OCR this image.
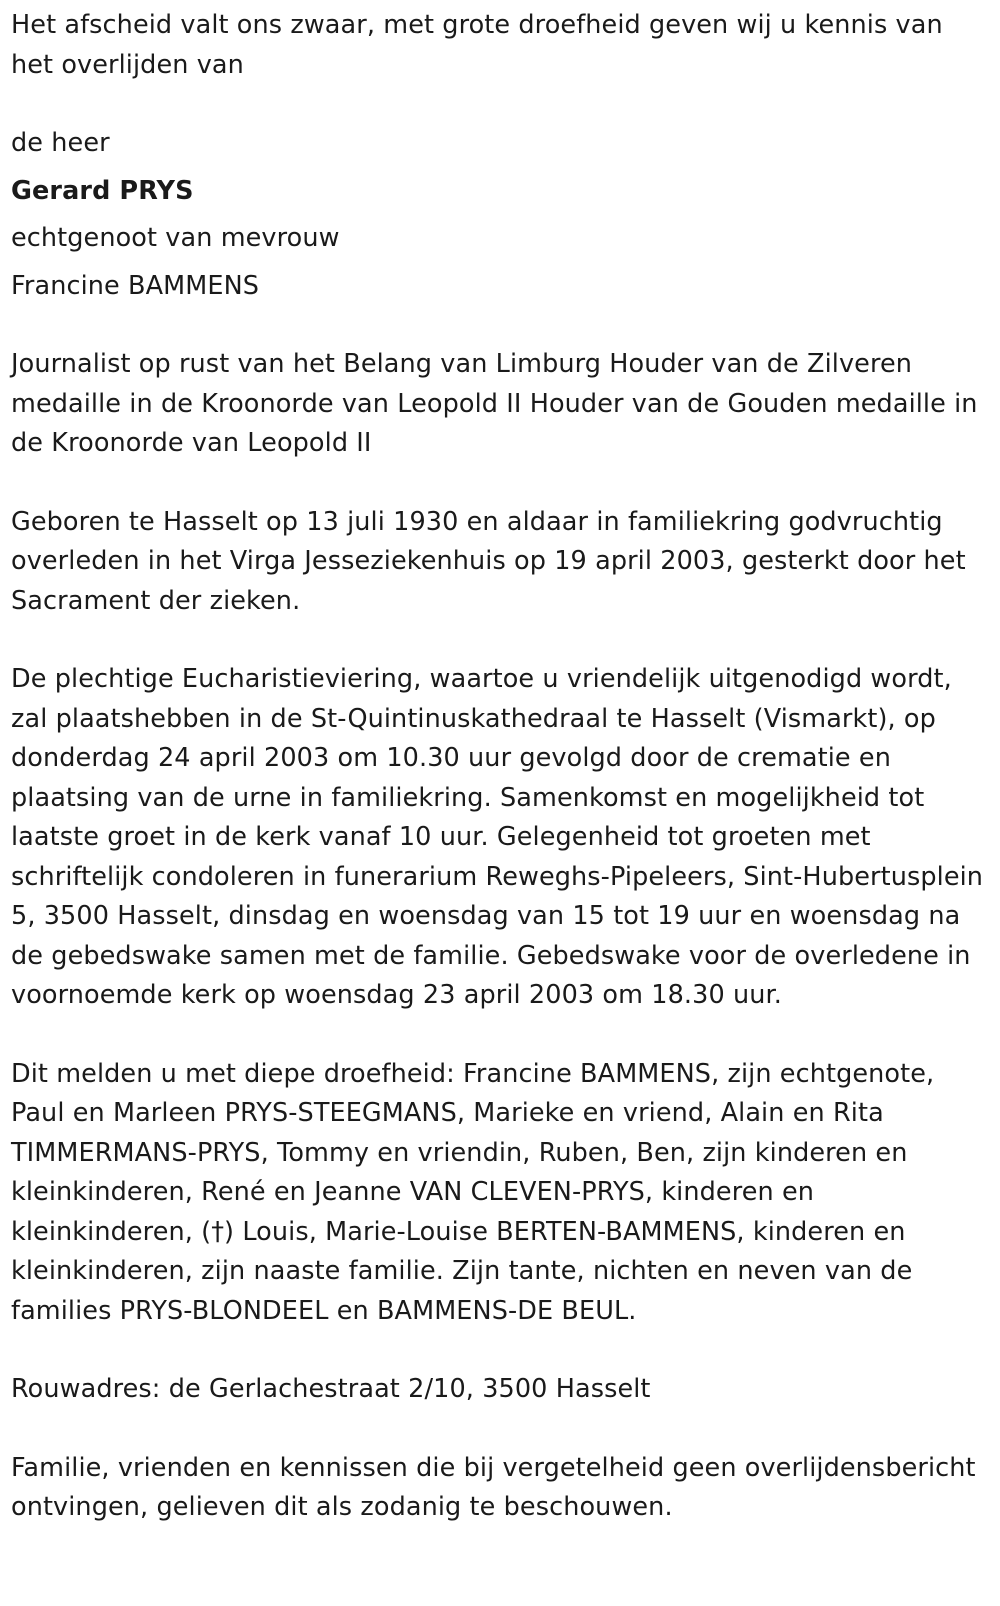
Het afscheid valt ons zwaar, met grote droefheid geven wij u kennis van het overlijden van

de heer

Gerard PRYS

echtgenoot van mevrouw

Francine BAMMENS

Journalist op rust van het Belang van Limburg Houder van de Zilveren medaille in de Kroonorde van Leopold II Houder van de Gouden medaille in de Kroonorde van Leopold II

Geboren te Hasselt op 13 juli 1930 en aldaar in familiekring godvruchtig overleden in het Virga Jesseziekenhuis op 19 april 2003, gesterkt door het Sacrament der zieken.

De plechtige Eucharistieviering, waartoe u vriendelijk uitgenodigd wordt, zal plaatshebben in de St-Quintinuskathedraal te Hasselt (Vismarkt), op donderdag 24 april 2003 om 10.30 uur gevolgd door de crematie en plaatsing van de urne in familiekring. Samenkomst en mogelijkheid tot laatste groet in de kerk vanaf 10 uur. Gelegenheid tot groeten met schriftelijk condoleren in funerarium Reweghs-Pipeleers, Sint-Hubertusplein 5, 3500 Hasselt, dinsdag en woensdag van 15 tot 19 uur en woensdag na de gebedswake samen met de familie. Gebedswake voor de overledene in voornoemde kerk op woensdag 23 april 2003 om 18.30 uur.

Dit melden u met diepe droefheid: Francine BAMMENS, zijn echtgenote, Paul en Marleen PRYS-STEEGMANS, Marieke en vriend, Alain en Rita TIMMERMANS-PRYS, Tommy en vriendin, Ruben, Ben, zijn kinderen en kleinkinderen, René en Jeanne VAN CLEVEN-PRYS, kinderen en kleinkinderen, (†) Louis, Marie-Louise BERTEN-BAMMENS, kinderen en kleinkinderen, zijn naaste familie. Zijn tante, nichten en neven van de families PRYS-BLONDEEL en BAMMENS-DE BEUL.

Rouwadres: de Gerlachestraat 2/10, 3500 Hasselt

Familie, vrienden en kennissen die bij vergetelheid geen overlijdensbericht ontvingen, gelieven dit als zodanig te beschouwen.
